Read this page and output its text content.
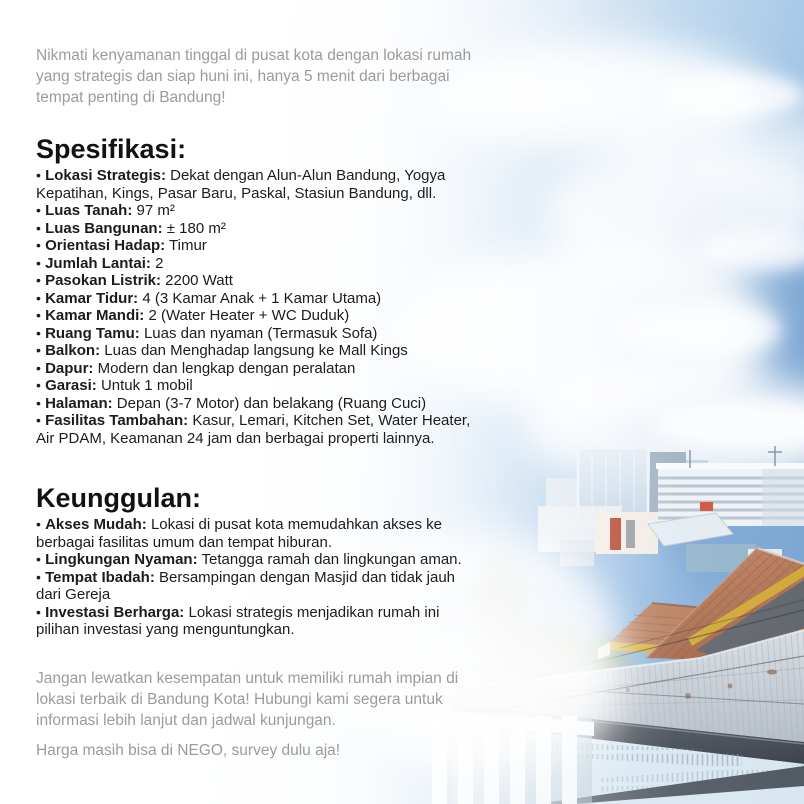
Nikmati kenyamanan tinggal di pusat kota dengan lokasi rumah yang strategis dan siap huni ini, hanya 5 menit dari berbagai tempat penting di Bandung!

Spesifikasi:
• Lokasi Strategis: Dekat dengan Alun-Alun Bandung, Yogya Kepatihan, Kings, Pasar Baru, Paskal, Stasiun Bandung, dll.
• Luas Tanah: 97 m²
• Luas Bangunan: ± 180 m²
• Orientasi Hadap: Timur
• Jumlah Lantai: 2
• Pasokan Listrik: 2200 Watt
• Kamar Tidur: 4 (3 Kamar Anak + 1 Kamar Utama)
• Kamar Mandi: 2 (Water Heater + WC Duduk)
• Ruang Tamu: Luas dan nyaman (Termasuk Sofa)
• Balkon: Luas dan Menghadap langsung ke Mall Kings
• Dapur: Modern dan lengkap dengan peralatan
• Garasi: Untuk 1 mobil
• Halaman: Depan (3-7 Motor) dan belakang (Ruang Cuci)
• Fasilitas Tambahan: Kasur, Lemari, Kitchen Set, Water Heater, Air PDAM, Keamanan 24 jam dan berbagai properti lainnya.
Keunggulan:
• Akses Mudah: Lokasi di pusat kota memudahkan akses ke berbagai fasilitas umum dan tempat hiburan.
• Lingkungan Nyaman: Tetangga ramah dan lingkungan aman.
• Tempat Ibadah: Bersampingan dengan Masjid dan tidak jauh dari Gereja
• Investasi Berharga: Lokasi strategis menjadikan rumah ini pilihan investasi yang menguntungkan.

Jangan lewatkan kesempatan untuk memiliki rumah impian di lokasi terbaik di Bandung Kota! Hubungi kami segera untuk informasi lebih lanjut dan jadwal kunjungan.

Harga masih bisa di NEGO, survey dulu aja!
